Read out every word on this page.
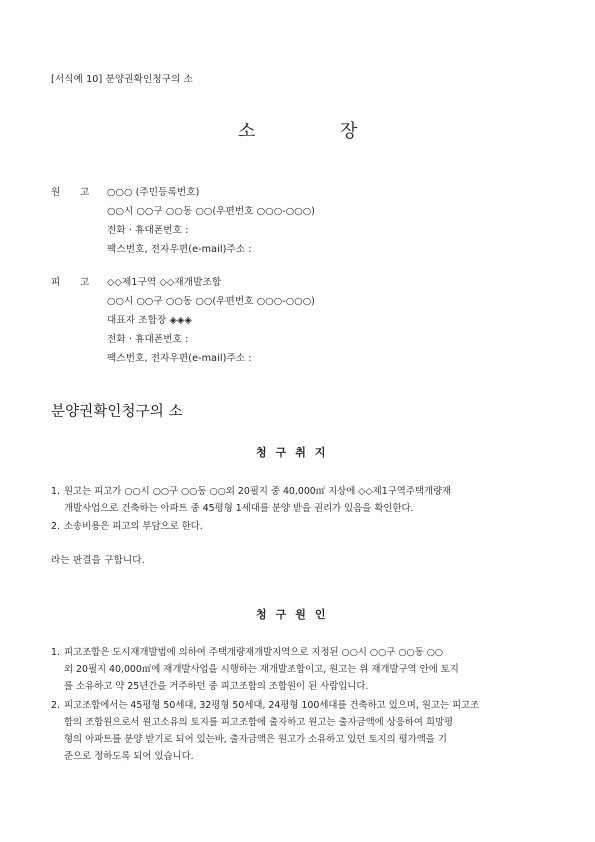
[서식예 10] 분양권확인청구의 소
소	장
원 고 ○○○ (주민등록번호)
○○시 ○○구 ○○동 ○○(우편번호 ○○○-○○○)
전화 · 휴대폰번호 :
팩스번호, 전자우편(e-mail)주소 :
피 고 ◇◇제1구역 ◇◇재개발조합
○○시 ○○구 ○○동 ○○(우편번호 ○○○-○○○)
대표자 조합장 ◈◈◈
전화 · 휴대폰번호 :
팩스번호, 전자우편(e-mail)주소 :
분양권확인청구의 소
청구취지
1. 원고는 피고가 ○○시 ○○구 ○○동 ○○외 20필지 중 40,000㎡ 지상에 ◇◇제1구역주택개량재
개발사업으로 건축하는 아파트 중 45평형 1세대를 분양 받을 권리가 있음을 확인한다.
2. 소송비용은 피고의 부담으로 한다.
라는 판결을 구합니다.
청구원인
1. 피고조합은 도시재개발법에 의하여 주택개량재개발지역으로 지정된 ○○시 ○○구 ○○동 ○○
외 20필지 40,000㎡에 재개발사업을 시행하는 재개발조합이고, 원고는 위 재개발구역 안에 토지
를 소유하고 약 25년간을 거주하던 중 피고조합의 조합원이 된 사람입니다.
2. 피고조합에서는 45평형 50세대, 32평형 50세대, 24평형 100세대를 건축하고 있으며, 원고는 피고조
합의 조합원으로서 원고소유의 토지를 피고조합에 출자하고 원고는 출자금액에 상응하여 희망평
형의 아파트를 분양 받기로 되어 있는바, 출자금액은 원고가 소유하고 있던 토지의 평가액을 기
준으로 정하도록 되어 있습니다.
